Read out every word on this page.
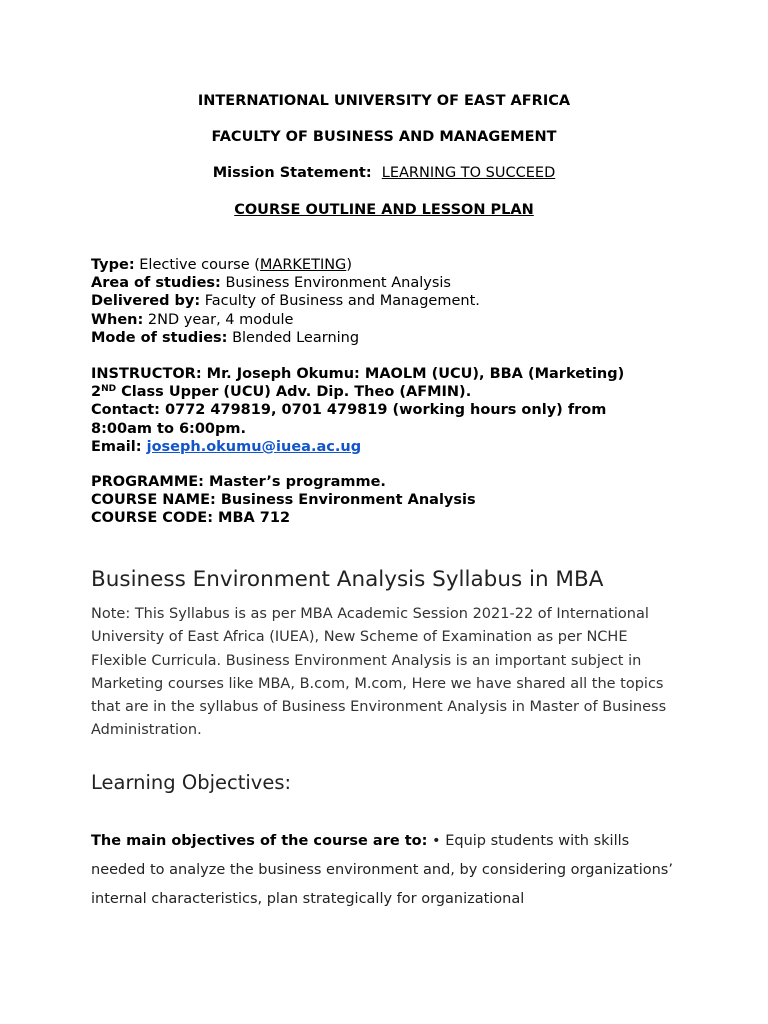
INTERNATIONAL UNIVERSITY OF EAST AFRICA
FACULTY OF BUSINESS AND MANAGEMENT
Mission Statement: LEARNING TO SUCCEED
COURSE OUTLINE AND LESSON PLAN
Type: Elective course (MARKETING)
Area of studies: Business Environment Analysis
Delivered by: Faculty of Business and Management.
When: 2ND year, 4 module
Mode of studies: Blended Learning
INSTRUCTOR: Mr. Joseph Okumu: MAOLM (UCU), BBA (Marketing)
2ND Class Upper (UCU) Adv. Dip. Theo (AFMIN).
Contact: 0772 479819, 0701 479819 (working hours only) from 8:00am to 6:00pm.
Email: joseph.okumu@iuea.ac.ug
PROGRAMME: Master’s programme.
COURSE NAME: Business Environment Analysis
COURSE CODE: MBA 712
Business Environment Analysis Syllabus in MBA
Note: This Syllabus is as per MBA Academic Session 2021-22 of International University of East Africa (IUEA), New Scheme of Examination as per NCHE Flexible Curricula. Business Environment Analysis is an important subject in Marketing courses like MBA, B.com, M.com, Here we have shared all the topics that are in the syllabus of Business Environment Analysis in Master of Business Administration.
Learning Objectives:
The main objectives of the course are to: • Equip students with skills needed to analyze the business environment and, by considering organizations’ internal characteristics, plan strategically for organizational
